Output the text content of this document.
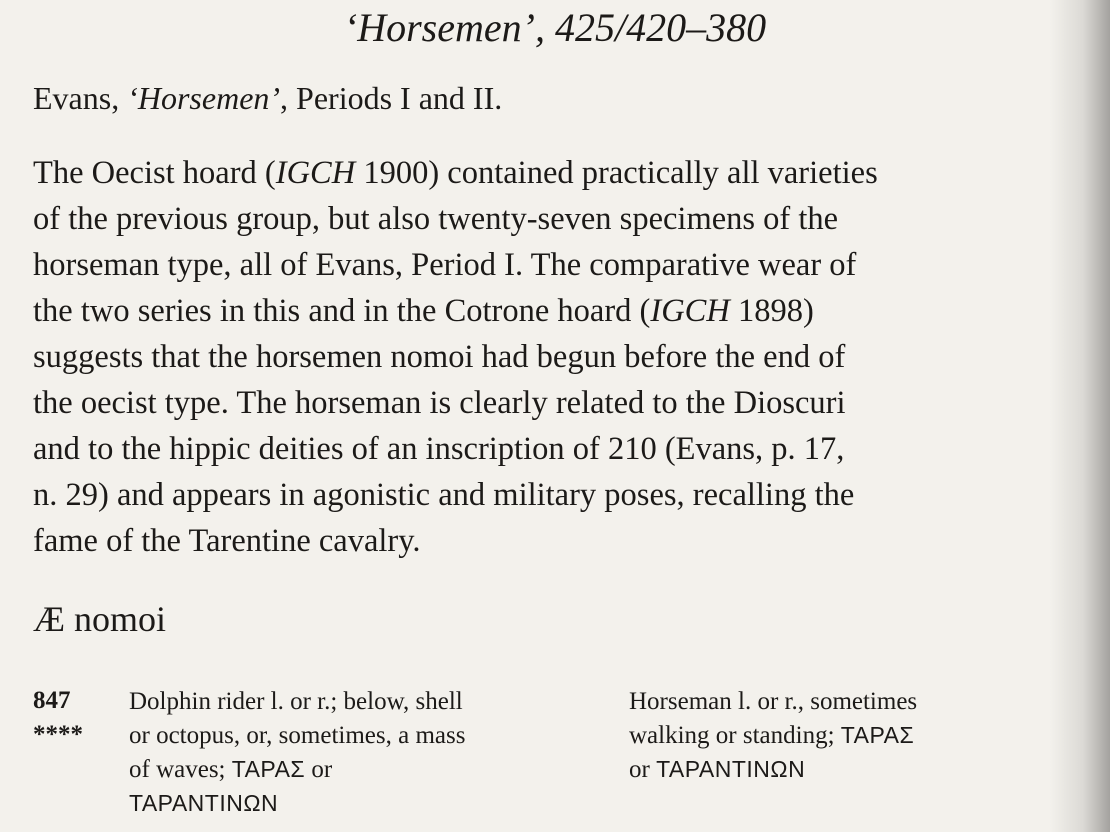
‘Horsemen’, 425/420–380
Evans, ‘Horsemen’, Periods I and II.
The Oecist hoard (IGCH 1900) contained practically all varieties
of the previous group, but also twenty-seven specimens of the
horseman type, all of Evans, Period I. The comparative wear of
the two series in this and in the Cotrone hoard (IGCH 1898)
suggests that the horsemen nomoi had begun before the end of
the oecist type. The horseman is clearly related to the Dioscuri
and to the hippic deities of an inscription of 210 (Evans, p. 17,
n. 29) and appears in agonistic and military poses, recalling the
fame of the Tarentine cavalry.
Æ nomoi
847
****
Dolphin rider l. or r.; below, shell
or octopus, or, sometimes, a mass
of waves; ΤΑΡΑΣ or
ΤΑΡΑΝΤΙΝΩΝ
Horseman l. or r., sometimes
walking or standing; ΤΑΡΑΣ
or ΤΑΡΑΝΤΙΝΩΝ
